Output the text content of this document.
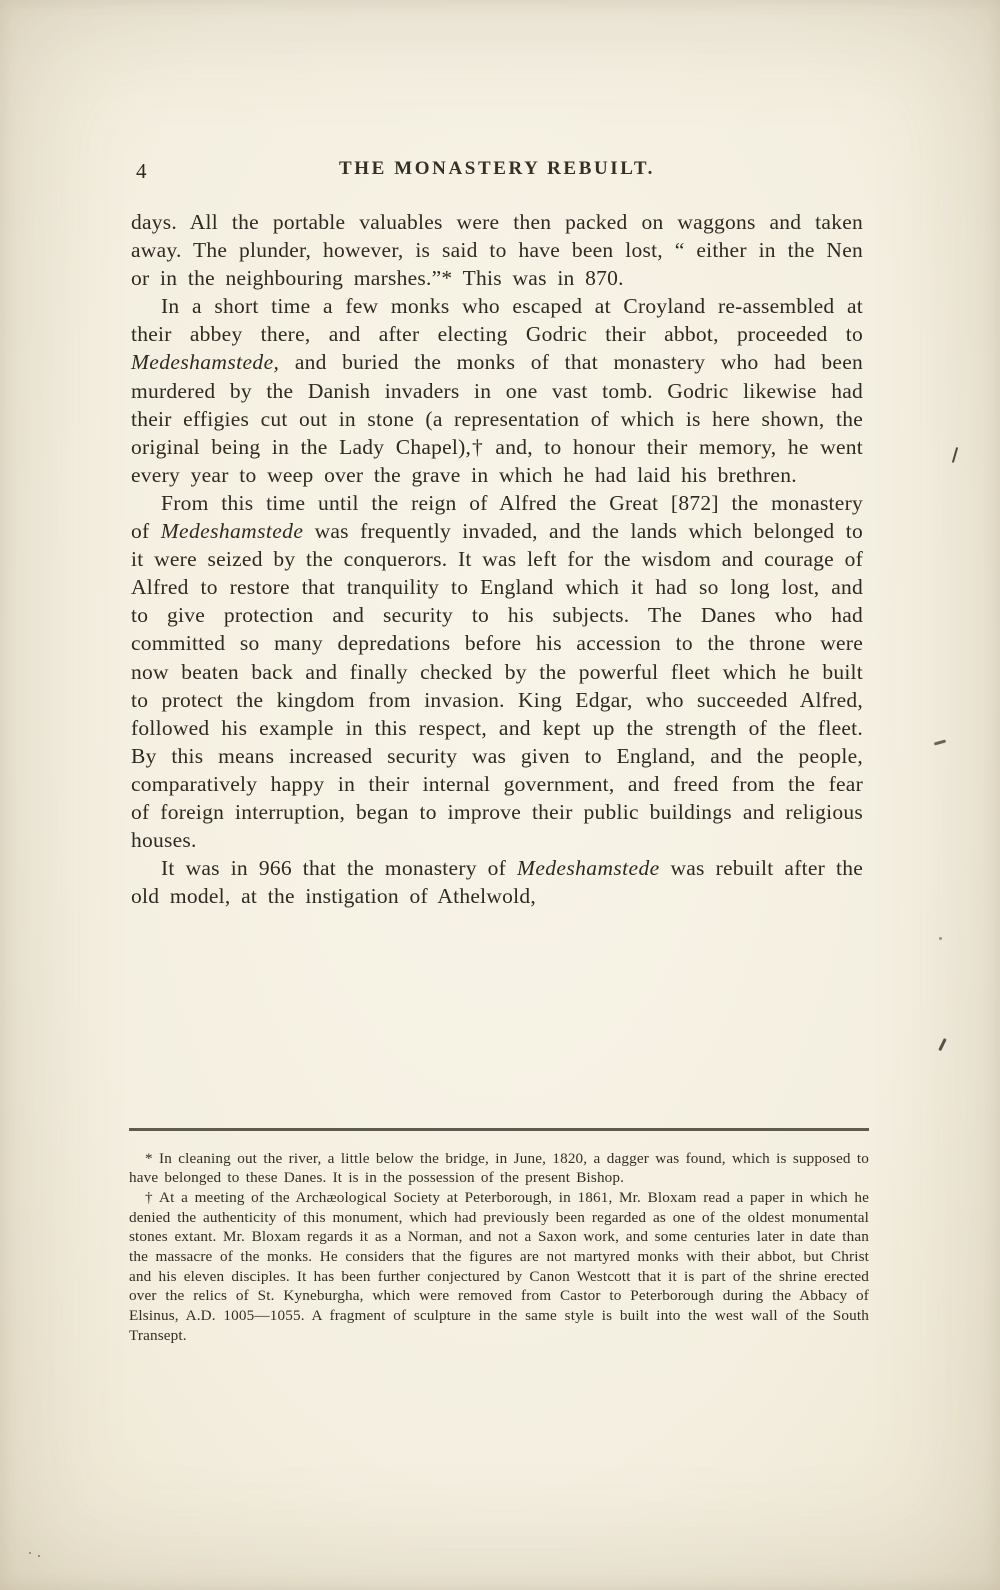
4	THE MONASTERY REBUILT.

days. All the portable valuables were then packed on waggons and taken away. The plunder, however, is said to have been lost, “ either in the Nen or in the neighbouring marshes.”* This was in 870.

In a short time a few monks who escaped at Croyland re-assembled at their abbey there, and after electing Godric their abbot, proceeded to Medeshamstede, and buried the monks of that monastery who had been murdered by the Danish invaders in one vast tomb. Godric likewise had their effigies cut out in stone (a representation of which is here shown, the original being in the Lady Chapel),† and, to honour their memory, he went every year to weep over the grave in which he had laid his brethren.

From this time until the reign of Alfred the Great [872] the monastery of Medeshamstede was frequently invaded, and the lands which belonged to it were seized by the conquerors. It was left for the wisdom and courage of Alfred to restore that tranquility to England which it had so long lost, and to give protection and security to his subjects. The Danes who had committed so many depredations before his accession to the throne were now beaten back and finally checked by the powerful fleet which he built to protect the kingdom from invasion. King Edgar, who succeeded Alfred, followed his example in this respect, and kept up the strength of the fleet. By this means increased security was given to England, and the people, comparatively happy in their internal government, and freed from the fear of foreign interruption, began to improve their public buildings and religious houses.

It was in 966 that the monastery of Medeshamstede was rebuilt after the old model, at the instigation of Athelwold,

* In cleaning out the river, a little below the bridge, in June, 1820, a dagger was found, which is supposed to have belonged to these Danes. It is in the possession of the present Bishop.

† At a meeting of the Archæological Society at Peterborough, in 1861, Mr. Bloxam read a paper in which he denied the authenticity of this monument, which had previously been regarded as one of the oldest monumental stones extant. Mr. Bloxam regards it as a Norman, and not a Saxon work, and some centuries later in date than the massacre of the monks. He considers that the figures are not martyred monks with their abbot, but Christ and his eleven disciples. It has been further conjectured by Canon Westcott that it is part of the shrine erected over the relics of St. Kyneburgha, which were removed from Castor to Peterborough during the Abbacy of Elsinus, A.D. 1005—1055. A fragment of sculpture in the same style is built into the west wall of the South Transept.
